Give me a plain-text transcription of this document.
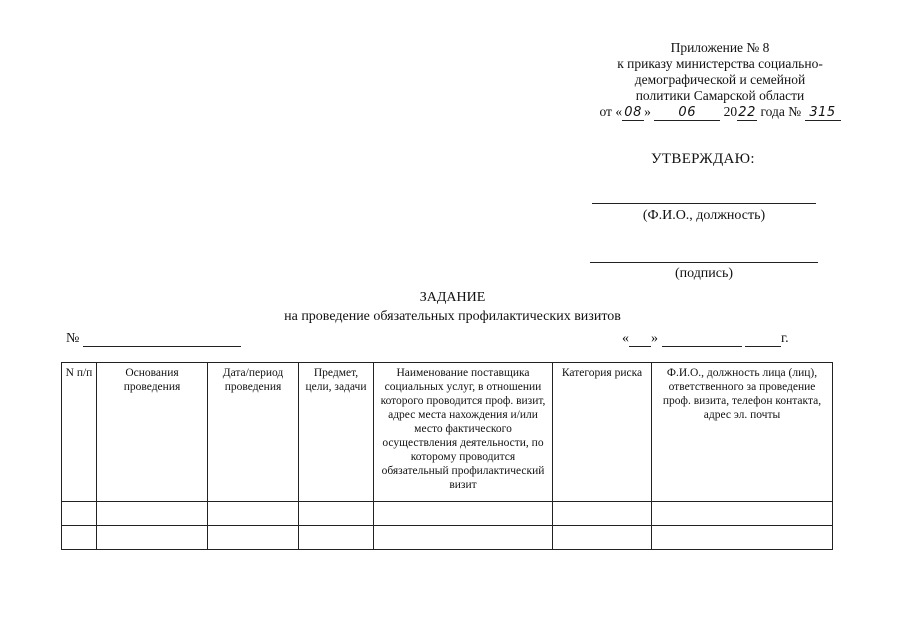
Приложение № 8
к приказу министерства социально-
демографической и семейной
политики Самарской области
от « 08 » 06 2022 года № 315
УТВЕРЖДАЮ:
(Ф.И.О., должность)
(подпись)
ЗАДАНИЕ
на проведение обязательных профилактических визитов
№	« »	г.
N п/п	Основания проведения	Дата/период проведения	Предмет, цели, задачи	Наименование поставщика социальных услуг, в отношении которого проводится проф. визит, адрес места нахождения и/или место фактического осуществления деятельности, по которому проводится обязательный профилактический визит	Категория риска	Ф.И.О., должность лица (лиц), ответственного за проведение проф. визита, телефон контакта, адрес эл. почты
